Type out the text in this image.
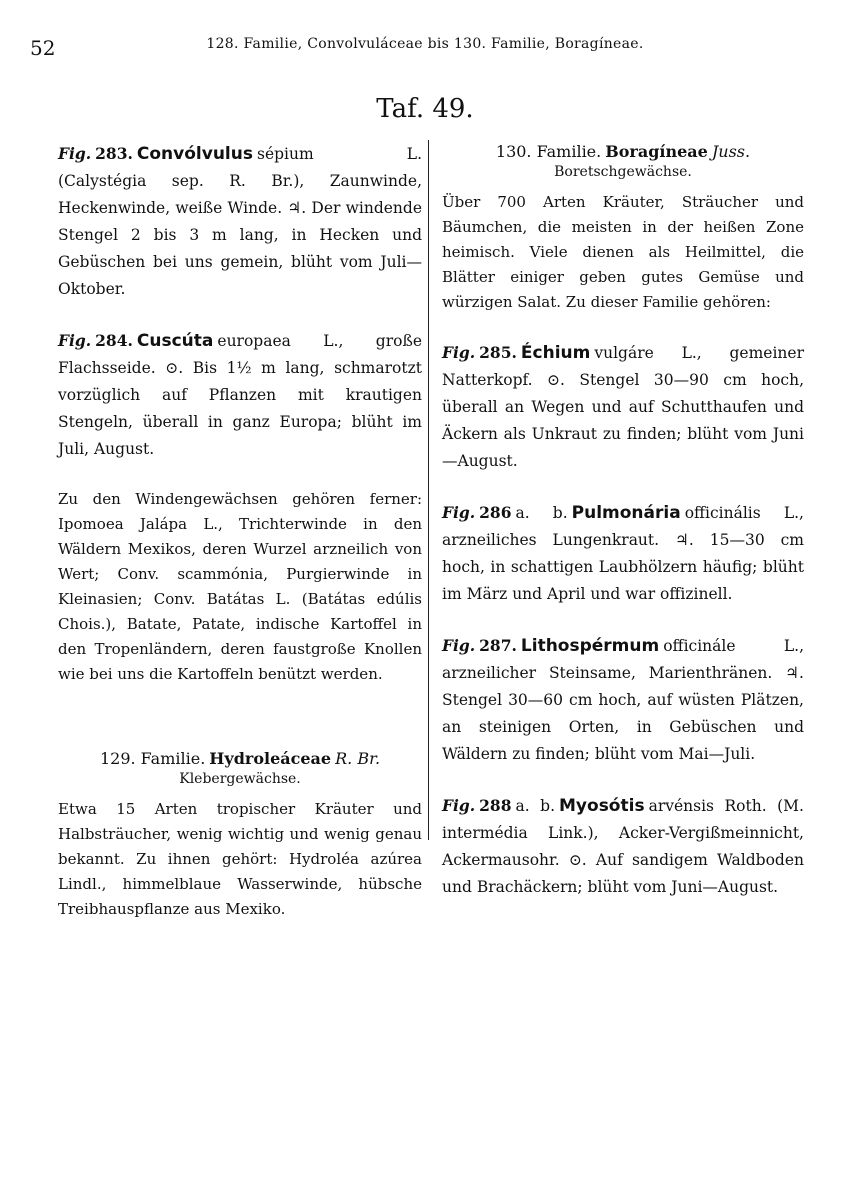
52	128. Familie, Convolvuláceae bis 130. Familie, Boragíneae.
Taf. 49.
Fig. 283. Convólvulus sépium L. (Calystégia sep. R. Br.), Zaunwinde, Heckenwinde, weiße Winde. ♃. Der windende Stengel 2 bis 3 m lang, in Hecken und Gebüschen bei uns gemein, blüht vom Juli—Oktober.
Fig. 284. Cuscúta europaea L., große Flachsseide. ⊙. Bis 1½ m lang, schmarotzt vorzüglich auf Pflanzen mit krautigen Stengeln, überall in ganz Europa; blüht im Juli, August.
Zu den Windengewächsen gehören ferner: Ipomoea Jalápa L., Trichterwinde in den Wäldern Mexikos, deren Wurzel arzneilich von Wert; Conv. scammónia, Purgierwinde in Kleinasien; Conv. Batátas L. (Batátas edúlis Chois.), Batate, Patate, indische Kartoffel in den Tropenländern, deren faustgroße Knollen wie bei uns die Kartoffeln benützt werden.
129. Familie. Hydroleáceae R. Br.
Klebergewächse.
Etwa 15 Arten tropischer Kräuter und Halbsträucher, wenig wichtig und wenig genau bekannt. Zu ihnen gehört: Hydroléa azúrea Lindl., himmelblaue Wasserwinde, hübsche Treibhauspflanze aus Mexiko.
130. Familie. Boragíneae Juss.
Boretschgewächse.
Über 700 Arten Kräuter, Sträucher und Bäumchen, die meisten in der heißen Zone heimisch. Viele dienen als Heilmittel, die Blätter einiger geben gutes Gemüse und würzigen Salat. Zu dieser Familie gehören:
Fig. 285. Échium vulgáre L., gemeiner Natterkopf. ⊙. Stengel 30—90 cm hoch, überall an Wegen und auf Schutthaufen und Äckern als Unkraut zu finden; blüht vom Juni—August.
Fig. 286 a. b. Pulmonária officinális L., arzneiliches Lungenkraut. ♃. 15—30 cm hoch, in schattigen Laubhölzern häufig; blüht im März und April und war offizinell.
Fig. 287. Lithospérmum officinále L., arzneilicher Steinsame, Marienthränen. ♃. Stengel 30—60 cm hoch, auf wüsten Plätzen, an steinigen Orten, in Gebüschen und Wäldern zu finden; blüht vom Mai—Juli.
Fig. 288 a. b. Myosótis arvénsis Roth. (M. intermédia Link.), Acker-Vergißmeinnicht, Ackermausohr. ⊙. Auf sandigem Waldboden und Brachäckern; blüht vom Juni—August.
